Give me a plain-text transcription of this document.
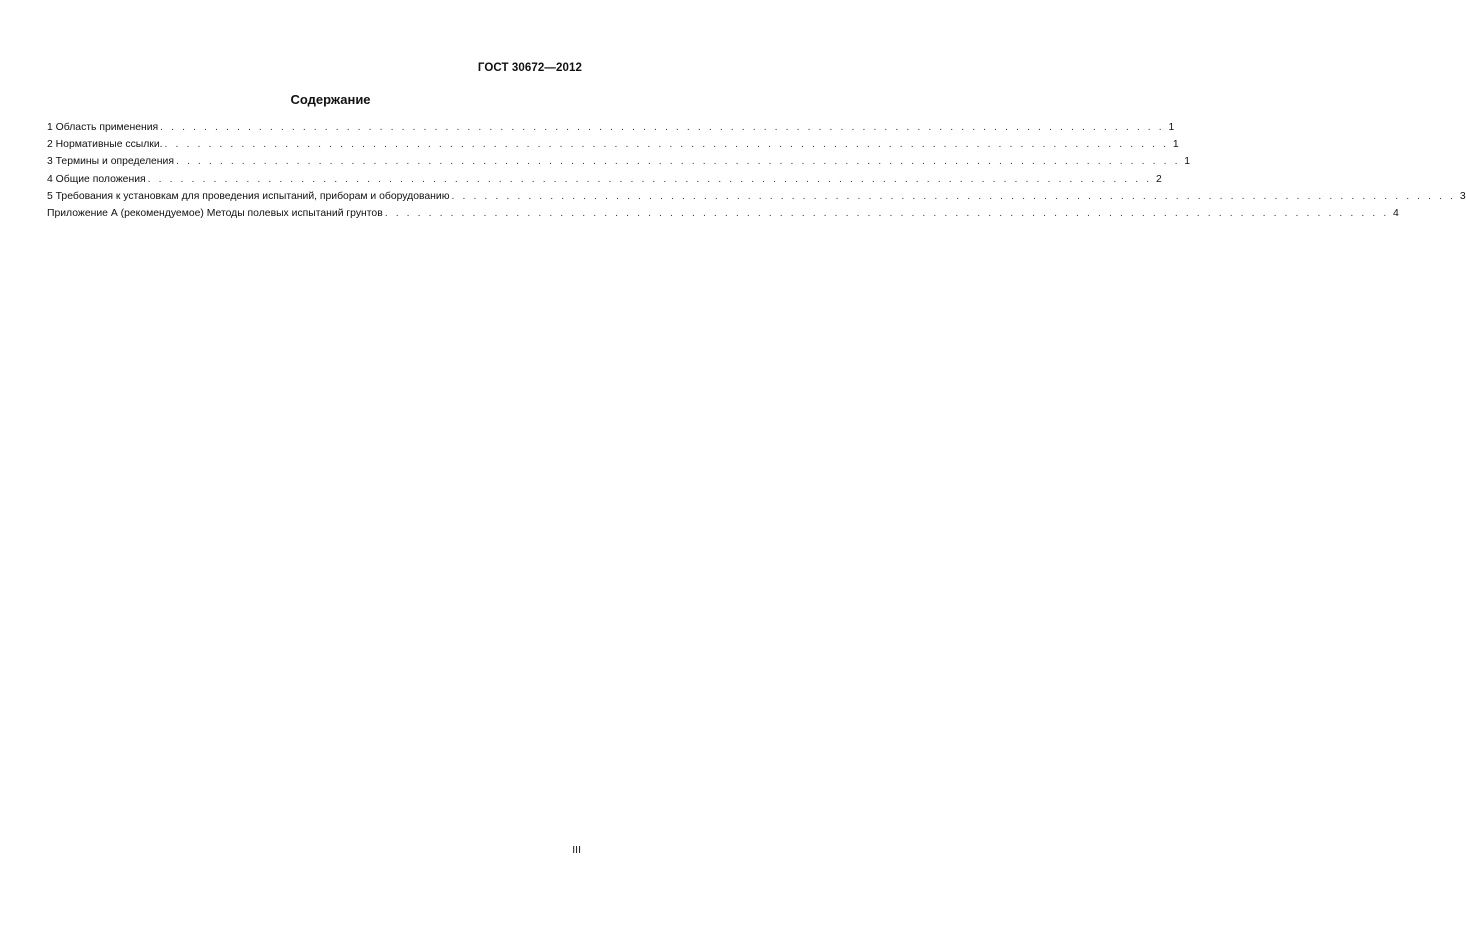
ГОСТ 30672—2012
Содержание
1 Область применения . . . . . . . . . . . . . . . . . . . . . . . . . . . . . . . . . . . . . . . . . . . . . . . . . . . . . . . . . . . . . . . . . . . . . . . . . . . . . . . . . . . . . . . . . . . . 1
2 Нормативные ссылки. . . . . . . . . . . . . . . . . . . . . . . . . . . . . . . . . . . . . . . . . . . . . . . . . . . . . . . . . . . . . . . . . . . . . . . . . . . . . . . . . . . . . . . . . . . . . 1
3 Термины и определения . . . . . . . . . . . . . . . . . . . . . . . . . . . . . . . . . . . . . . . . . . . . . . . . . . . . . . . . . . . . . . . . . . . . . . . . . . . . . . . . . . . . . . . . . . . . 1
4 Общие положения . . . . . . . . . . . . . . . . . . . . . . . . . . . . . . . . . . . . . . . . . . . . . . . . . . . . . . . . . . . . . . . . . . . . . . . . . . . . . . . . . . . . . . . . . . . . 2
5 Требования к установкам для проведения испытаний, приборам и оборудованию . . . . . . . . . . . . . . . . . . . . . . . . . . . . . . . . . . . . . . . . . . . . . . . . . . . . . . . . . . . . . . . . . . . . . . . . . . . . . . . . . . . . . . . . . . . . 3
Приложение А (рекомендуемое) Методы полевых испытаний грунтов . . . . . . . . . . . . . . . . . . . . . . . . . . . . . . . . . . . . . . . . . . . . . . . . . . . . . . . . . . . . . . . . . . . . . . . . . . . . . . . . . . . . . . . . . . . . 4
III
